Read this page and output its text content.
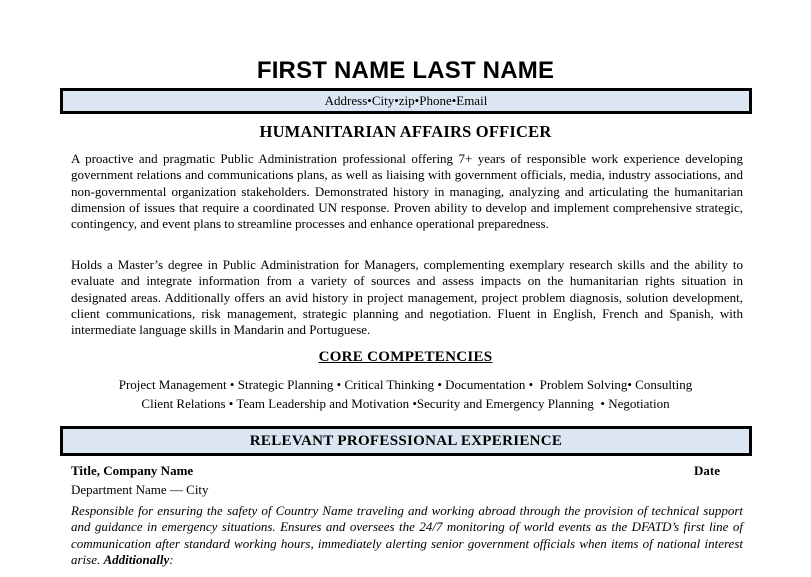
FIRST NAME LAST NAME
Address•City•zip•Phone•Email
HUMANITARIAN AFFAIRS OFFICER

A proactive and pragmatic Public Administration professional offering 7+ years of responsible work experience developing government relations and communications plans, as well as liaising with government officials, media, industry associations, and non-governmental organization stakeholders. Demonstrated history in managing, analyzing and articulating the humanitarian dimension of issues that require a coordinated UN response. Proven ability to develop and implement comprehensive strategic, contingency, and event plans to streamline processes and enhance operational preparedness.

Holds a Master’s degree in Public Administration for Managers, complementing exemplary research skills and the ability to evaluate and integrate information from a variety of sources and assess impacts on the humanitarian rights situation in designated areas. Additionally offers an avid history in project management, project problem diagnosis, solution development, client communications, risk management, strategic planning and negotiation. Fluent in English, French and Spanish, with intermediate language skills in Mandarin and Portuguese.

CORE COMPETENCIES
Project Management • Strategic Planning • Critical Thinking • Documentation •  Problem Solving• Consulting
Client Relations • Team Leadership and Motivation •Security and Emergency Planning  • Negotiation
RELEVANT PROFESSIONAL EXPERIENCE
Title, Company Name	Date
Department Name — City

Responsible for ensuring the safety of Country Name traveling and working abroad through the provision of technical support and guidance in emergency situations. Ensures and oversees the 24/7 monitoring of world events as the DFATD’s first line of communication after standard working hours, immediately alerting senior government officials when items of national interest arise. Additionally:
